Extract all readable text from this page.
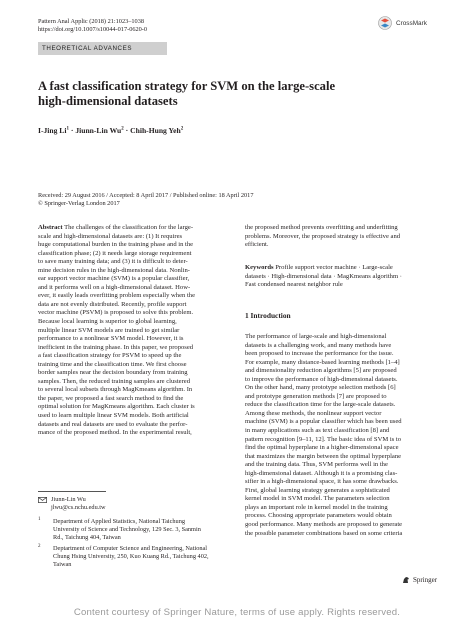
Pattern Anal Applic (2018) 21:1023–1038
https://doi.org/10.1007/s10044-017-0620-0
CrossMark
THEORETICAL ADVANCES
A fast classification strategy for SVM on the large-scale
high-dimensional datasets
I-Jing $Li^1$ · Jiunn-Lin $Wu^2$ · Chih-Hung Yeh$^2$
Received: 29 August 2016 / Accepted: 8 April 2017 / Published online: 18 April 2017
© Springer-Verlag London 2017
Abstract The challenges of the classification for the large-
scale and high-dimensional datasets are: (1) It requires
huge computational burden in the training phase and in the
classification phase; (2) it needs large storage requirement
to save many training data; and (3) it is difficult to deter-
mine decision rules in the high-dimensional data. Nonlin-
ear support vector machine (SVM) is a popular classifier,
and it performs well on a high-dimensional dataset. How-
ever, it easily leads overfitting problem especially when the
data are not evenly distributed. Recently, profile support
vector machine (PSVM) is proposed to solve this problem.
Because local learning is superior to global learning,
multiple linear SVM models are trained to get similar
performance to a nonlinear SVM model. However, it is
inefficient in the training phase. In this paper, we proposed
a fast classification strategy for PSVM to speed up the
training time and the classification time. We first choose
border samples near the decision boundary from training
samples. Then, the reduced training samples are clustered
to several local subsets through MagKmeans algorithm. In
the paper, we proposed a fast search method to find the
optimal solution for MagKmeans algorithm. Each cluster is
used to learn multiple linear SVM models. Both artificial
datasets and real datasets are used to evaluate the perfor-
mance of the proposed method. In the experimental result,
the proposed method prevents overfitting and underfitting
problems. Moreover, the proposed strategy is effective and
efficient.
Keywords Profile support vector machine · Large-scale
datasets · High-dimensional data · MagKmeans algorithm ·
Fast condensed nearest neighbor rule
1 Introduction
The performance of large-scale and high-dimensional
datasets is a challenging work, and many methods have
been proposed to increase the performance for the issue.
For example, many distance-based learning methods [1–4]
and dimensionality reduction algorithms [5] are proposed
to improve the performance of high-dimensional datasets.
On the other hand, many prototype selection methods [6]
and prototype generation methods [7] are proposed to
reduce the classification time for the large-scale datasets.
Among these methods, the nonlinear support vector
machine (SVM) is a popular classifier which has been used
in many applications such as text classification [8] and
pattern recognition [9–11, 12]. The basic idea of SVM is to
find the optimal hyperplane in a higher-dimensional space
that maximizes the margin between the optimal hyperplane
and the training data. Thus, SVM performs well in the
high-dimensional dataset. Although it is a promising clas-
sifier in a high-dimensional space, it has some drawbacks.
First, global learning strategy generates a sophisticated
kernel model in SVM model. The parameters selection
plays an important role in kernel model in the training
process. Choosing appropriate parameters would obtain
good performance. Many methods are proposed to generate
the possible parameter combinations based on some criteria
Jiunn-Lin Wu
jlwu@cs.nchu.edu.tw
1 Department of Applied Statistics, National Taichung
University of Science and Technology, 129 Sec. 3, Sanmin
Rd., Taichung 404, Taiwan
2 Deptartment of Computer Science and Engineering, National
Chung Hsing University, 250, Kuo Kuang Rd., Taichung 402,
Taiwan
Springer
Content courtesy of Springer Nature, terms of use apply. Rights reserved.
